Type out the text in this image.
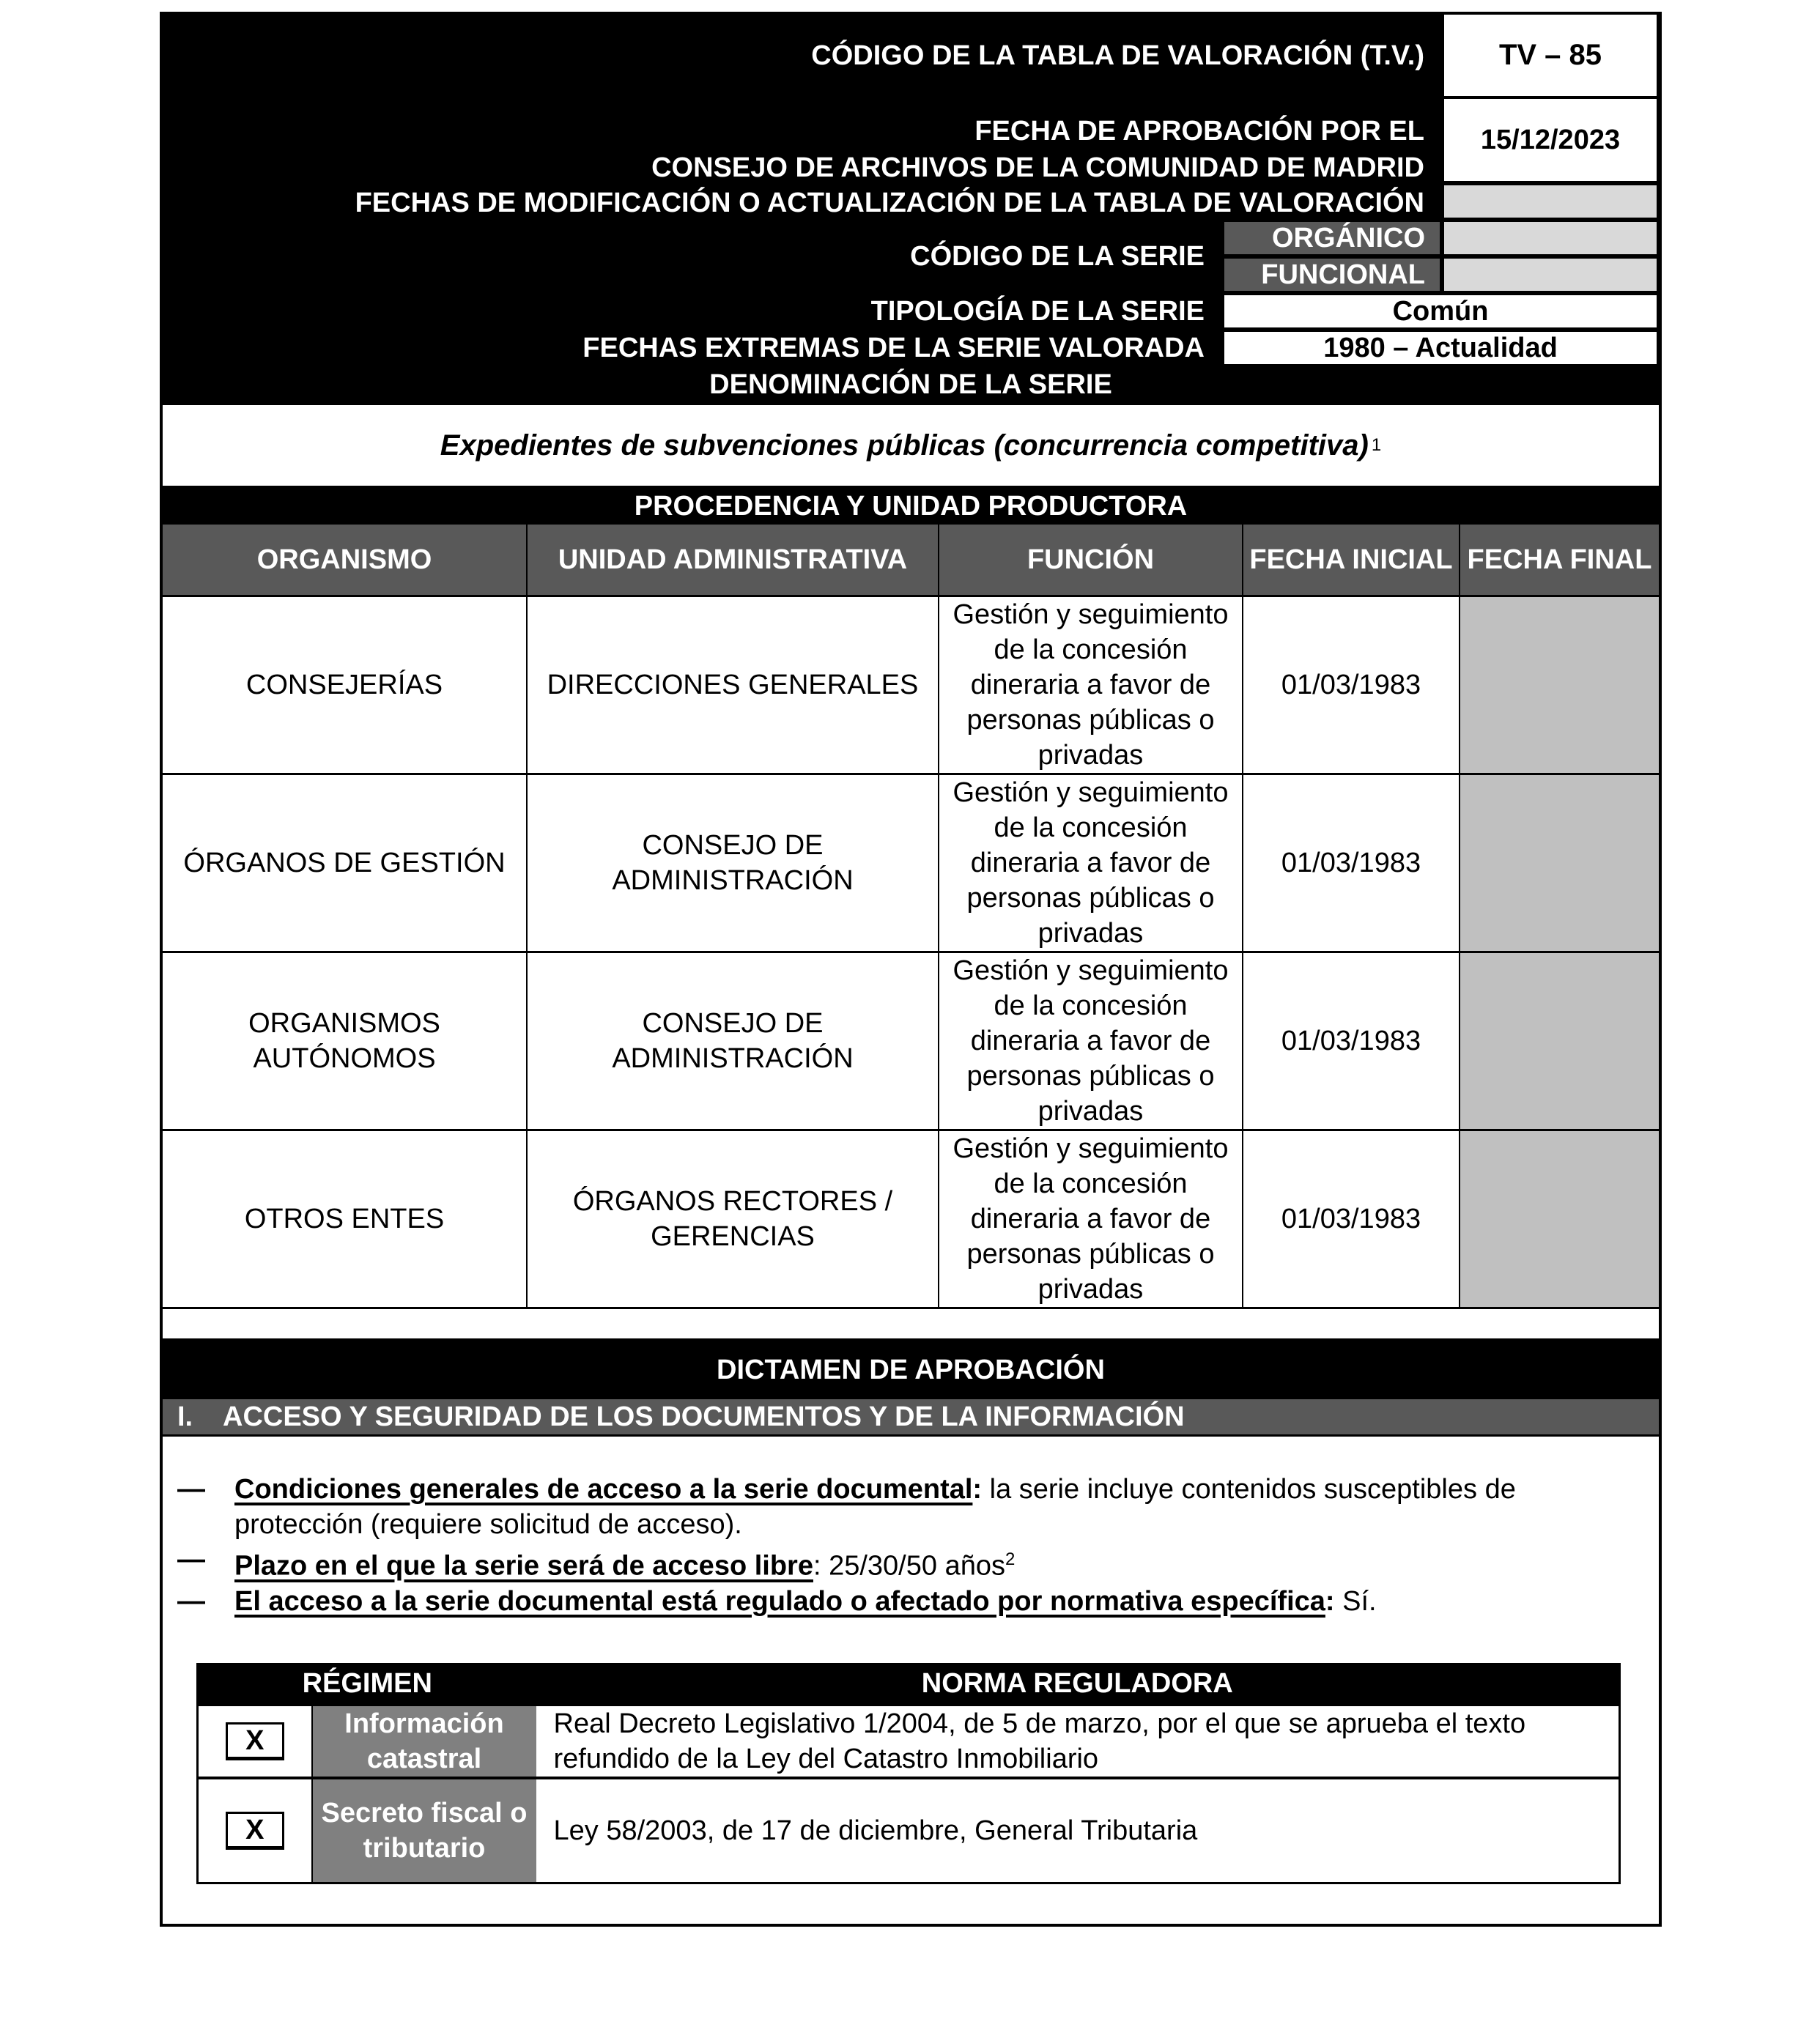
CÓDIGO DE LA TABLA DE VALORACIÓN (T.V.)	TV – 85
FECHA DE APROBACIÓN POR EL
CONSEJO DE ARCHIVOS DE LA COMUNIDAD DE MADRID
15/12/2023
FECHAS DE MODIFICACIÓN O ACTUALIZACIÓN DE LA TABLA DE VALORACIÓN
CÓDIGO DE LA SERIE
ORGÁNICO
FUNCIONAL
TIPOLOGÍA DE LA SERIE	Común
FECHAS EXTREMAS DE LA SERIE VALORADA	1980 – Actualidad
DENOMINACIÓN DE LA SERIE
Expedientes de subvenciones públicas (concurrencia competitiva) 1
PROCEDENCIA Y UNIDAD PRODUCTORA
ORGANISMO	UNIDAD ADMINISTRATIVA	FUNCIÓN	FECHA INICIAL	FECHA FINAL
CONSEJERÍAS	DIRECCIONES GENERALES	Gestión y seguimiento de la concesión dineraria a favor de personas públicas o privadas	01/03/1983	
ÓRGANOS DE GESTIÓN	CONSEJO DE ADMINISTRACIÓN	Gestión y seguimiento de la concesión dineraria a favor de personas públicas o privadas	01/03/1983	
ORGANISMOS AUTÓNOMOS	CONSEJO DE ADMINISTRACIÓN	Gestión y seguimiento de la concesión dineraria a favor de personas públicas o privadas	01/03/1983	
OTROS ENTES	ÓRGANOS RECTORES / GERENCIAS	Gestión y seguimiento de la concesión dineraria a favor de personas públicas o privadas	01/03/1983	
DICTAMEN DE APROBACIÓN
I.	ACCESO Y SEGURIDAD DE LOS DOCUMENTOS Y DE LA INFORMACIÓN
—	Condiciones generales de acceso a la serie documental: la serie incluye contenidos susceptibles de protección (requiere solicitud de acceso).
—	Plazo en el que la serie será de acceso libre: 25/30/50 años$^2$
—	El acceso a la serie documental está regulado o afectado por normativa específica: Sí.
RÉGIMEN		NORMA REGULADORA
X	Información catastral	Real Decreto Legislativo 1/2004, de 5 de marzo, por el que se aprueba el texto refundido de la Ley del Catastro Inmobiliario
X	Secreto fiscal o tributario	Ley 58/2003, de 17 de diciembre, General Tributaria
